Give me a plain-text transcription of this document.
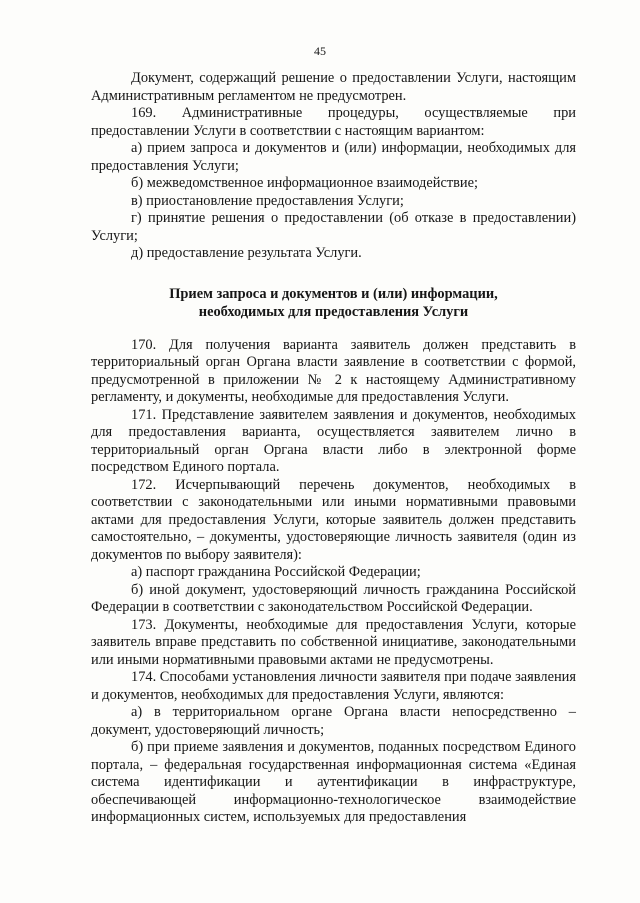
45

Документ, содержащий решение о предоставлении Услуги, настоящим Административным регламентом не предусмотрен.

169. Административные процедуры, осуществляемые при предоставлении Услуги в соответствии с настоящим вариантом:

а) прием запроса и документов и (или) информации, необходимых для предоставления Услуги;

б) межведомственное информационное взаимодействие;

в) приостановление предоставления Услуги;

г) принятие решения о предоставлении (об отказе в предоставлении) Услуги;

д) предоставление результата Услуги.

Прием запроса и документов и (или) информации,
необходимых для предоставления Услуги

170. Для получения варианта заявитель должен представить в территориальный орган Органа власти заявление в соответствии с формой, предусмотренной в приложении № 2 к настоящему Административному регламенту, и документы, необходимые для предоставления Услуги.

171. Представление заявителем заявления и документов, необходимых для предоставления варианта, осуществляется заявителем лично в территориальный орган Органа власти либо в электронной форме посредством Единого портала.

172. Исчерпывающий перечень документов, необходимых в соответствии с законодательными или иными нормативными правовыми актами для предоставления Услуги, которые заявитель должен представить самостоятельно, – документы, удостоверяющие личность заявителя (один из документов по выбору заявителя):

а) паспорт гражданина Российской Федерации;

б) иной документ, удостоверяющий личность гражданина Российской Федерации в соответствии с законодательством Российской Федерации.

173. Документы, необходимые для предоставления Услуги, которые заявитель вправе представить по собственной инициативе, законодательными или иными нормативными правовыми актами не предусмотрены.

174. Способами установления личности заявителя при подаче заявления и документов, необходимых для предоставления Услуги, являются:

а) в территориальном органе Органа власти непосредственно – документ, удостоверяющий личность;

б) при приеме заявления и документов, поданных посредством Единого портала, – федеральная государственная информационная система «Единая система идентификации и аутентификации в инфраструктуре, обеспечивающей информационно-технологическое взаимодействие информационных систем, используемых для предоставления
